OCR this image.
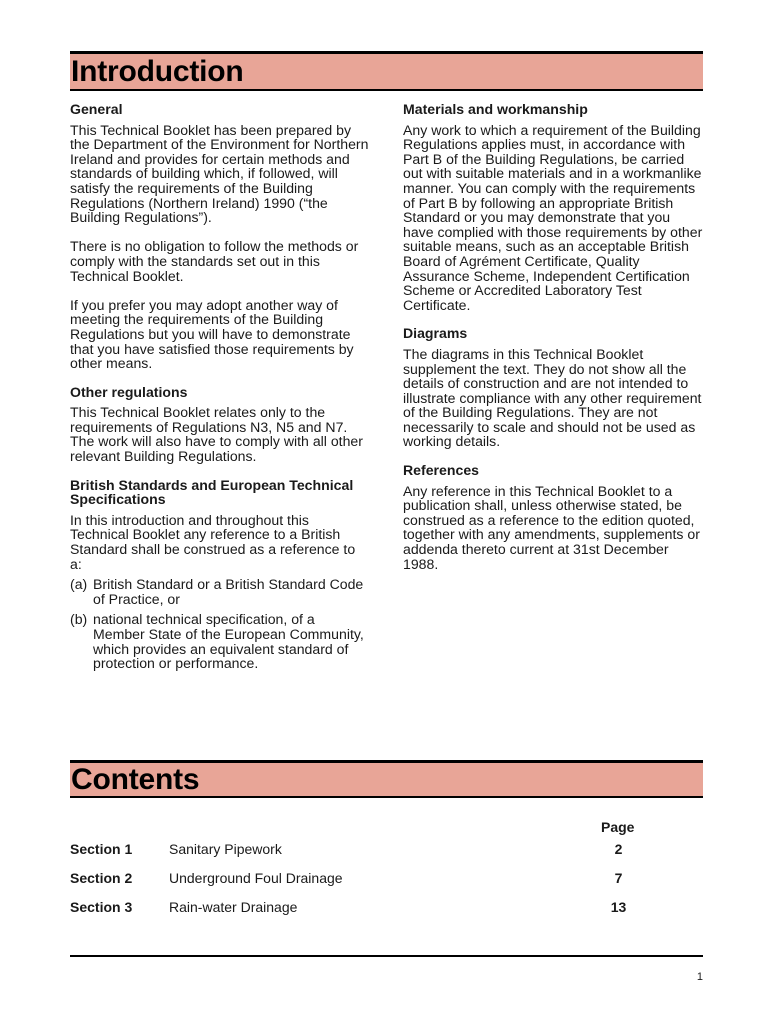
Introduction
General

This Technical Booklet has been prepared by the Department of the Environment for Northern Ireland and provides for certain methods and standards of building which, if followed, will satisfy the requirements of the Building Regulations (Northern Ireland) 1990 (“the Building Regulations”).

There is no obligation to follow the methods or comply with the standards set out in this Technical Booklet.

If you prefer you may adopt another way of meeting the requirements of the Building Regulations but you will have to demonstrate that you have satisfied those requirements by other means.

Other regulations

This Technical Booklet relates only to the requirements of Regulations N3, N5 and N7. The work will also have to comply with all other relevant Building Regulations.

British Standards and European Technical Specifications

In this introduction and throughout this Technical Booklet any reference to a British Standard shall be construed as a reference to a:

(a) British Standard or a British Standard Code of Practice, or
(b) national technical specification, of a Member State of the European Community, which provides an equivalent standard of protection or performance.
Materials and workmanship

Any work to which a requirement of the Building Regulations applies must, in accordance with Part B of the Building Regulations, be carried out with suitable materials and in a workmanlike manner. You can comply with the requirements of Part B by following an appropriate British Standard or you may demonstrate that you have complied with those requirements by other suitable means, such as an acceptable British Board of Agrément Certificate, Quality Assurance Scheme, Independent Certification Scheme or Accredited Laboratory Test Certificate.

Diagrams

The diagrams in this Technical Booklet supplement the text. They do not show all the details of construction and are not intended to illustrate compliance with any other requirement of the Building Regulations. They are not necessarily to scale and should not be used as working details.

References

Any reference in this Technical Booklet to a publication shall, unless otherwise stated, be construed as a reference to the edition quoted, together with any amendments, supplements or addenda thereto current at 31st December 1988.

Contents
Page
Section 1	Sanitary Pipework	2
Section 2	Underground Foul Drainage	7
Section 3	Rain-water Drainage	13
1
